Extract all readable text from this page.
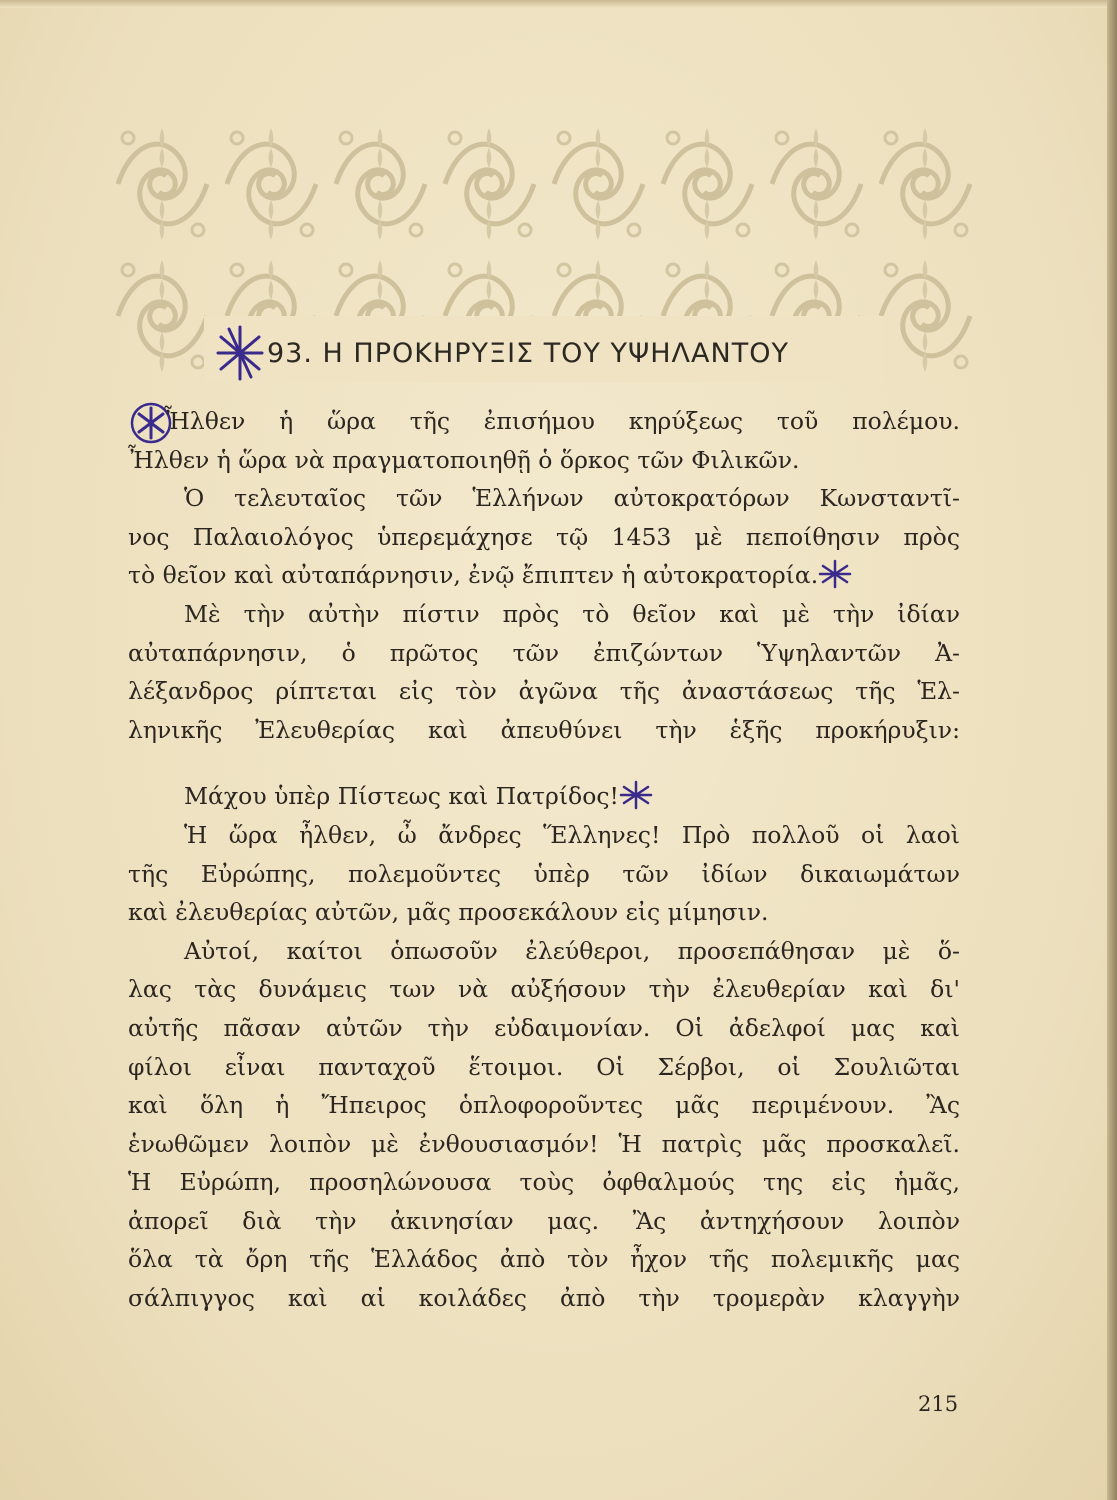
93. Η ΠΡΟΚΗΡΥΞΙΣ ΤΟΥ ΥΨΗΛΑΝΤΟΥ

Ἦλθεν ἡ ὥρα τῆς ἐπισήμου κηρύξεως τοῦ πολέμου.

Ἦλθεν ἡ ὥρα νὰ πραγματοποιηθῇ ὁ ὅρκος τῶν Φιλικῶν.

Ὁ τελευταῖος τῶν Ἑλλήνων αὐτοκρατόρων Κωνσταντῖ-

νος Παλαιολόγος ὑπερεμάχησε τῷ 1453 μὲ πεποίθησιν πρὸς

τὸ θεῖον καὶ αὐταπάρνησιν, ἐνῷ ἔπιπτεν ἡ αὐτοκρατορία.

Μὲ τὴν αὐτὴν πίστιν πρὸς τὸ θεῖον καὶ μὲ τὴν ἰδίαν

αὐταπάρνησιν, ὁ πρῶτος τῶν ἐπιζώντων Ὑψηλαντῶν Ἀ-

λέξανδρος ρίπτεται εἰς τὸν ἀγῶνα τῆς ἀναστάσεως τῆς Ἑλ-

ληνικῆς Ἐλευθερίας καὶ ἀπευθύνει τὴν ἑξῆς προκήρυξιν:

Μάχου ὑπὲρ Πίστεως καὶ Πατρίδος!

Ἡ ὥρα ἦλθεν, ὦ ἄνδρες Ἕλληνες! Πρὸ πολλοῦ οἱ λαοὶ

τῆς Εὐρώπης, πολεμοῦντες ὑπὲρ τῶν ἰδίων δικαιωμάτων

καὶ ἐλευθερίας αὐτῶν, μᾶς προσεκάλουν εἰς μίμησιν.

Αὐτοί, καίτοι ὁπωσοῦν ἐλεύθεροι, προσεπάθησαν μὲ ὅ-

λας τὰς δυνάμεις των νὰ αὐξήσουν τὴν ἐλευθερίαν καὶ δι'

αὐτῆς πᾶσαν αὐτῶν τὴν εὐδαιμονίαν. Οἱ ἀδελφοί μας καὶ

φίλοι εἶναι πανταχοῦ ἕτοιμοι. Οἱ Σέρβοι, οἱ Σουλιῶται

καὶ ὅλη ἡ Ἤπειρος ὁπλοφοροῦντες μᾶς περιμένουν. Ἂς

ἑνωθῶμεν λοιπὸν μὲ ἐνθουσιασμόν! Ἡ πατρὶς μᾶς προσκαλεῖ.

Ἡ Εὐρώπη, προσηλώνουσα τοὺς ὀφθαλμούς της εἰς ἡμᾶς,

ἀπορεῖ διὰ τὴν ἀκινησίαν μας. Ἂς ἀντηχήσουν λοιπὸν

ὅλα τὰ ὄρη τῆς Ἑλλάδος ἀπὸ τὸν ἦχον τῆς πολεμικῆς μας

σάλπιγγος καὶ αἱ κοιλάδες ἀπὸ τὴν τρομερὰν κλαγγὴν

215
